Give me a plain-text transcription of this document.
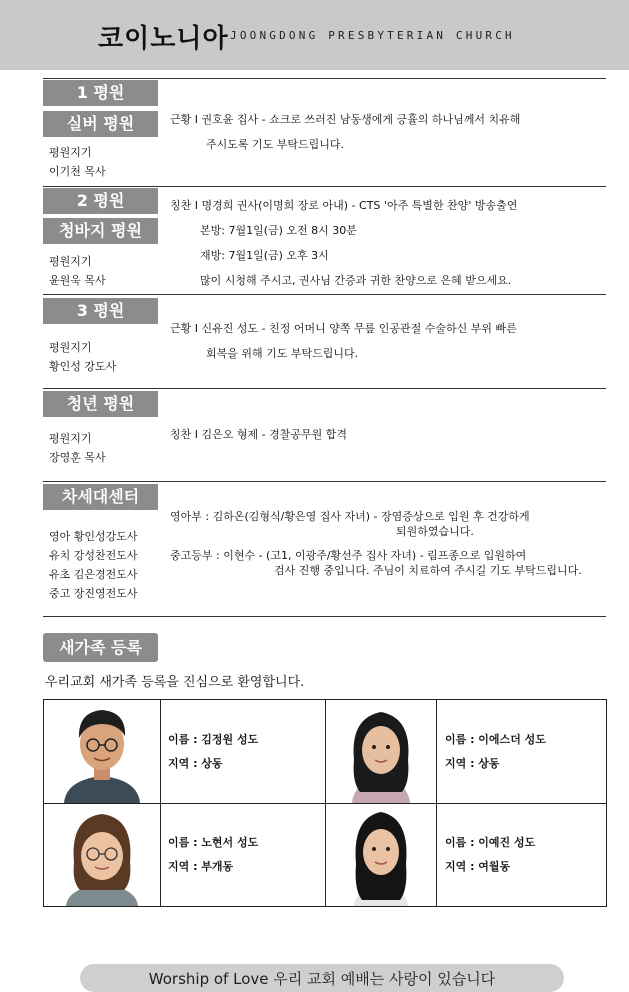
코이노니아 JOONGDONG PRESBYTERIAN CHURCH
1 평원
실버 평원
평원지기
이기천 목사
근황 I 권호윤 집사 - 쇼크로 쓰러진 남동생에게 긍휼의 하나님께서 치유해
주시도록 기도 부탁드립니다.
2 평원
청바지 평원
평원지기
윤원욱 목사
칭찬 I 명경희 권사(이명희 장로 아내) - CTS '아주 특별한 찬양' 방송출연
본방: 7월1일(금) 오전 8시 30분
재방: 7월1일(금) 오후 3시
많이 시청해 주시고, 권사님 간증과 귀한 찬양으로 은혜 받으세요.
3 평원
평원지기
황인성 강도사
근황 I 신유진 성도 - 친정 어머니 양쪽 무릎 인공관절 수술하신 부위 빠른
회복을 위해 기도 부탁드립니다.
청년 평원
평원지기
장영훈 목사
칭찬 I 김은오 형제 - 경찰공무원 합격
차세대센터
영아 황인성강도사
유치 강성찬전도사
유초 김은경전도사
중고 장진영전도사
영아부 : 김하온(김형식/황은영 집사 자녀) - 장염증상으로 입원 후 건강하게
퇴원하였습니다.
중고등부 : 이현수 - (고1, 이광주/황선주 집사 자녀) - 림프종으로 입원하여
검사 진행 중입니다. 주님이 치료하여 주시길 기도 부탁드립니다.
새가족 등록
우리교회 새가족 등록을 진심으로 환영합니다.
이름 : 김정원 성도
지역 : 상동
이름 : 이에스더 성도
지역 : 상동
이름 : 노현서 성도
지역 : 부개동
이름 : 이예진 성도
지역 : 여월동
Worship of Love 우리 교회 예배는 사랑이 있습니다
